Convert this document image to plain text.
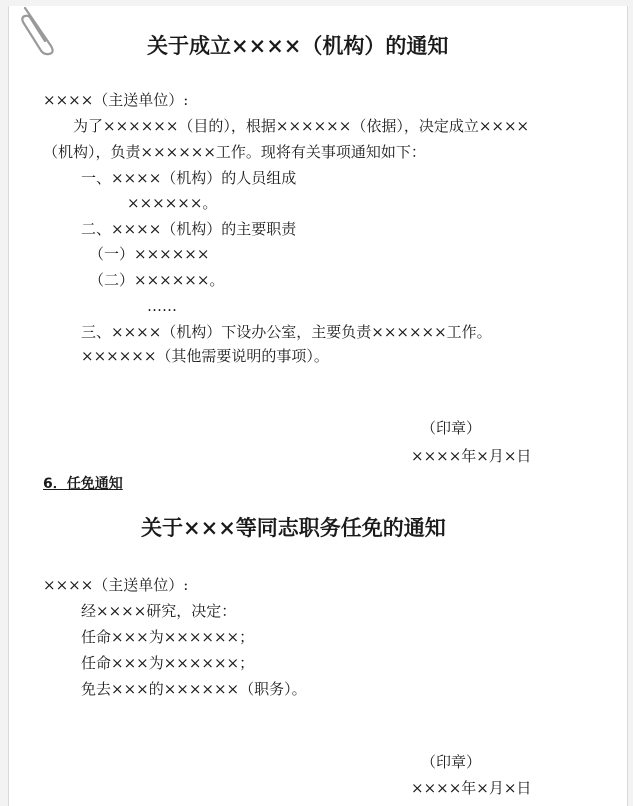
关于成立××××（机构）的通知
××××（主送单位）:
为了××××××（目的），根据××××××（依据），决定成立××××
（机构），负责××××××工作。现将有关事项通知如下：
一、××××（机构）的人员组成
××××××。
二、××××（机构）的主要职责
（一）××××××
（二）××××××。
……
三、××××（机构）下设办公室，主要负责××××××工作。
××××××（其他需要说明的事项）。
（印章）
××××年×月×日
6．任免通知
关于×××等同志职务任免的通知
××××（主送单位）:
经××××研究，决定：
任命×××为××××××；
任命×××为××××××；
免去×××的××××××（职务）。
（印章）
××××年×月×日
